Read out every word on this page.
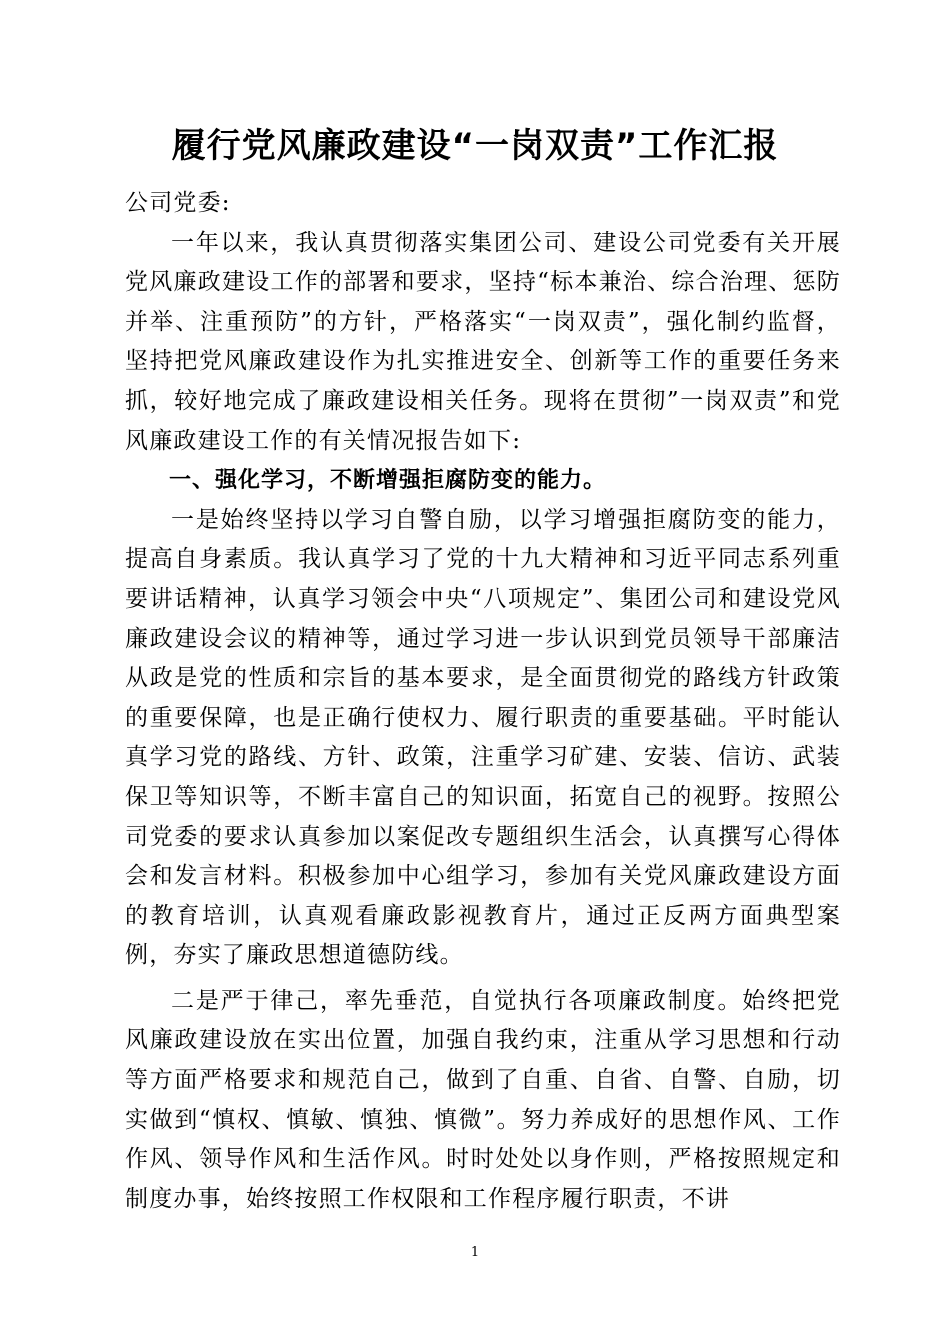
履行党风廉政建设“一岗双责”工作汇报

公司党委:

一年以来，我认真贯彻落实集团公司、建设公司党委有关开展党风廉政建设工作的部署和要求，坚持“标本兼治、综合治理、惩防并举、注重预防”的方针，严格落实“一岗双责”，强化制约监督，坚持把党风廉政建设作为扎实推进安全、创新等工作的重要任务来抓，较好地完成了廉政建设相关任务。现将在贯彻”一岗双责”和党风廉政建设工作的有关情况报告如下:

一、强化学习，不断增强拒腐防变的能力。

一是始终坚持以学习自警自励，以学习增强拒腐防变的能力，提高自身素质。我认真学习了党的十九大精神和习近平同志系列重要讲话精神，认真学习领会中央“八项规定”、集团公司和建设党风廉政建设会议的精神等，通过学习进一步认识到党员领导干部廉洁从政是党的性质和宗旨的基本要求，是全面贯彻党的路线方针政策的重要保障，也是正确行使权力、履行职责的重要基础。平时能认真学习党的路线、方针、政策，注重学习矿建、安装、信访、武装保卫等知识等，不断丰富自己的知识面，拓宽自己的视野。按照公司党委的要求认真参加以案促改专题组织生活会，认真撰写心得体会和发言材料。积极参加中心组学习，参加有关党风廉政建设方面的教育培训，认真观看廉政影视教育片，通过正反两方面典型案例，夯实了廉政思想道德防线。

二是严于律己，率先垂范，自觉执行各项廉政制度。始终把党风廉政建设放在实出位置，加强自我约束，注重从学习思想和行动等方面严格要求和规范自己，做到了自重、自省、自警、自励，切实做到“慎权、慎敏、慎独、慎微”。努力养成好的思想作风、工作作风、领导作风和生活作风。时时处处以身作则，严格按照规定和制度办事，始终按照工作权限和工作程序履行职责，不讲

1
